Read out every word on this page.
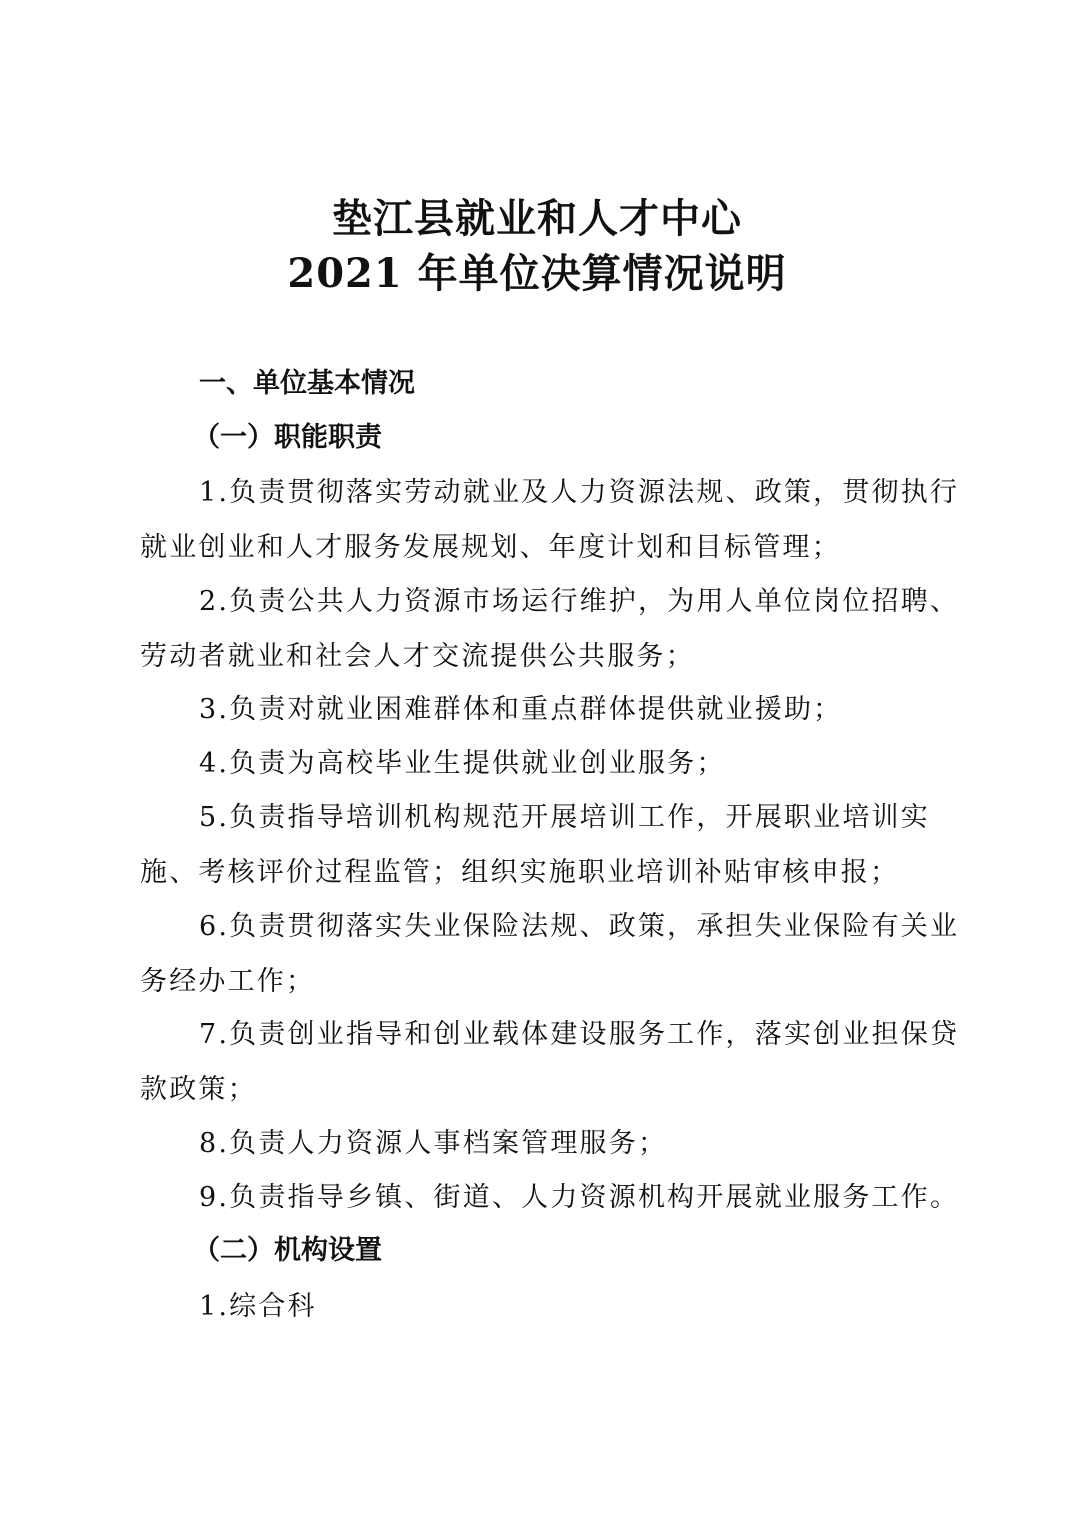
垫江县就业和人才中心
2021 年单位决算情况说明
一、单位基本情况
（一）职能职责
1.负责贯彻落实劳动就业及人力资源法规、政策，贯彻执行
就业创业和人才服务发展规划、年度计划和目标管理；
2.负责公共人力资源市场运行维护，为用人单位岗位招聘、
劳动者就业和社会人才交流提供公共服务；
3.负责对就业困难群体和重点群体提供就业援助；
4.负责为高校毕业生提供就业创业服务；
5.负责指导培训机构规范开展培训工作，开展职业培训实
施、考核评价过程监管；组织实施职业培训补贴审核申报；
6.负责贯彻落实失业保险法规、政策，承担失业保险有关业
务经办工作；
7.负责创业指导和创业载体建设服务工作，落实创业担保贷
款政策；
8.负责人力资源人事档案管理服务；
9.负责指导乡镇、街道、人力资源机构开展就业服务工作。
（二）机构设置
1.综合科
